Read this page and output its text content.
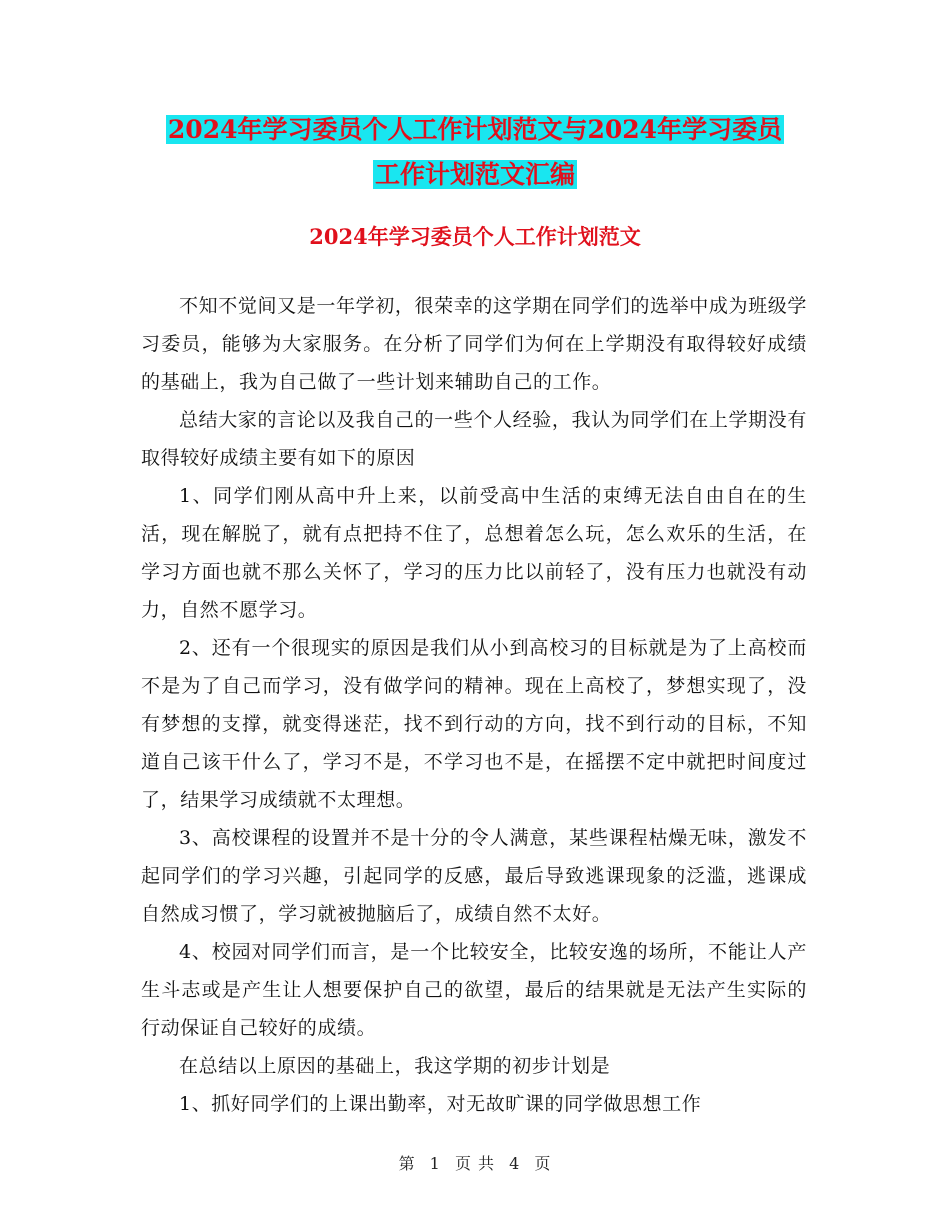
2024年学习委员个人工作计划范文与2024年学习委员
工作计划范文汇编
2024年学习委员个人工作计划范文

不知不觉间又是一年学初，很荣幸的这学期在同学们的选举中成为班级学习委员，能够为大家服务。在分析了同学们为何在上学期没有取得较好成绩的基础上，我为自己做了一些计划来辅助自己的工作。

总结大家的言论以及我自己的一些个人经验，我认为同学们在上学期没有取得较好成绩主要有如下的原因

1、同学们刚从高中升上来，以前受高中生活的束缚无法自由自在的生活，现在解脱了，就有点把持不住了，总想着怎么玩，怎么欢乐的生活，在学习方面也就不那么关怀了，学习的压力比以前轻了，没有压力也就没有动力，自然不愿学习。

2、还有一个很现实的原因是我们从小到高校习的目标就是为了上高校而不是为了自己而学习，没有做学问的精神。现在上高校了，梦想实现了，没有梦想的支撑，就变得迷茫，找不到行动的方向，找不到行动的目标，不知道自己该干什么了，学习不是，不学习也不是，在摇摆不定中就把时间度过了，结果学习成绩就不太理想。

3、高校课程的设置并不是十分的令人满意，某些课程枯燥无味，激发不起同学们的学习兴趣，引起同学的反感，最后导致逃课现象的泛滥，逃课成自然成习惯了，学习就被抛脑后了，成绩自然不太好。

4、校园对同学们而言，是一个比较安全，比较安逸的场所，不能让人产生斗志或是产生让人想要保护自己的欲望，最后的结果就是无法产生实际的行动保证自己较好的成绩。

在总结以上原因的基础上，我这学期的初步计划是

1、抓好同学们的上课出勤率，对无故旷课的同学做思想工作

第 1 页 共 4 页
